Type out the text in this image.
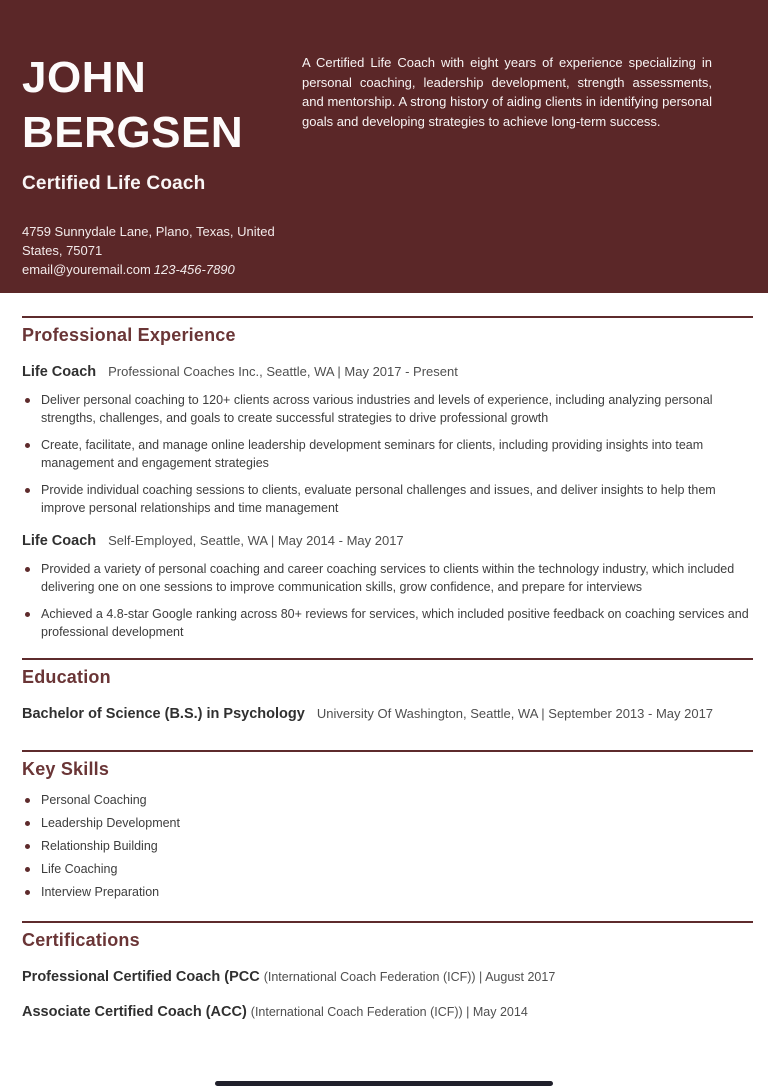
JOHN
BERGSEN
Certified Life Coach
4759 Sunnydale Lane, Plano, Texas, United
States, 75071
email@youremail.com 123-456-7890

A Certified Life Coach with eight years of experience specializing in personal coaching, leadership development, strength assessments, and mentorship. A strong history of aiding clients in identifying personal goals and developing strategies to achieve long-term success.

Professional Experience
Life Coach Professional Coaches Inc., Seattle, WA | May 2017 - Present
Deliver personal coaching to 120+ clients across various industries and levels of experience, including analyzing personal strengths, challenges, and goals to create successful strategies to drive professional growth
Create, facilitate, and manage online leadership development seminars for clients, including providing insights into team management and engagement strategies
Provide individual coaching sessions to clients, evaluate personal challenges and issues, and deliver insights to help them improve personal relationships and time management
Life Coach Self-Employed, Seattle, WA | May 2014 - May 2017
Provided a variety of personal coaching and career coaching services to clients within the technology industry, which included delivering one on one sessions to improve communication skills, grow confidence, and prepare for interviews
Achieved a 4.8-star Google ranking across 80+ reviews for services, which included positive feedback on coaching services and professional development
Education
Bachelor of Science (B.S.) in Psychology University Of Washington, Seattle, WA | September 2013 - May 2017
Key Skills
Personal Coaching
Leadership Development
Relationship Building
Life Coaching
Interview Preparation
Certifications
Professional Certified Coach (PCC (International Coach Federation (ICF)) | August 2017
Associate Certified Coach (ACC) (International Coach Federation (ICF)) | May 2014
